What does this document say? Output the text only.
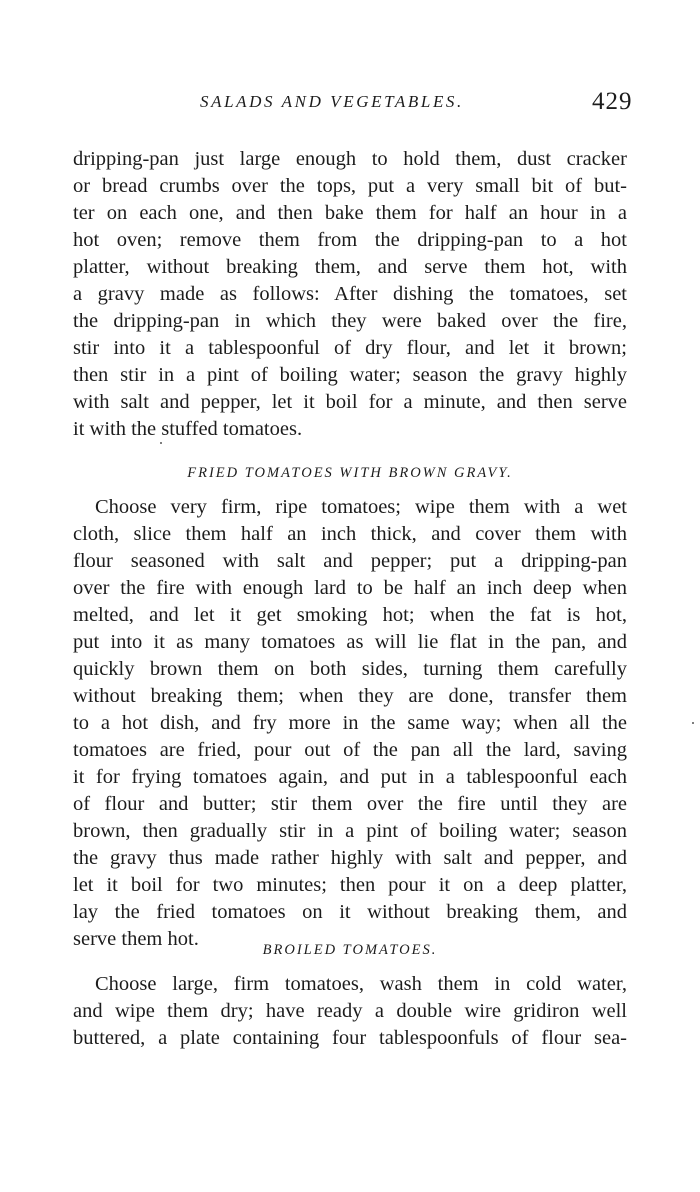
SALADS AND VEGETABLES.	429
dripping-pan just large enough to hold them, dust cracker
or bread crumbs over the tops, put a very small bit of but-
ter on each one, and then bake them for half an hour in a
hot oven; remove them from the dripping-pan to a hot
platter, without breaking them, and serve them hot, with
a gravy made as follows: After dishing the tomatoes, set
the dripping-pan in which they were baked over the fire,
stir into it a tablespoonful of dry flour, and let it brown;
then stir in a pint of boiling water; season the gravy highly
with salt and pepper, let it boil for a minute, and then serve
it with the stuffed tomatoes.
FRIED TOMATOES WITH BROWN GRAVY.
Choose very firm, ripe tomatoes; wipe them with a wet
cloth, slice them half an inch thick, and cover them with
flour seasoned with salt and pepper; put a dripping-pan
over the fire with enough lard to be half an inch deep when
melted, and let it get smoking hot; when the fat is hot,
put into it as many tomatoes as will lie flat in the pan, and
quickly brown them on both sides, turning them carefully
without breaking them; when they are done, transfer them
to a hot dish, and fry more in the same way; when all the
tomatoes are fried, pour out of the pan all the lard, saving
it for frying tomatoes again, and put in a tablespoonful each
of flour and butter; stir them over the fire until they are
brown, then gradually stir in a pint of boiling water; season
the gravy thus made rather highly with salt and pepper, and
let it boil for two minutes; then pour it on a deep platter,
lay the fried tomatoes on it without breaking them, and
serve them hot.	BROILED TOMATOES.
Choose large, firm tomatoes, wash them in cold water,
and wipe them dry; have ready a double wire gridiron well
buttered, a plate containing four tablespoonfuls of flour sea-
